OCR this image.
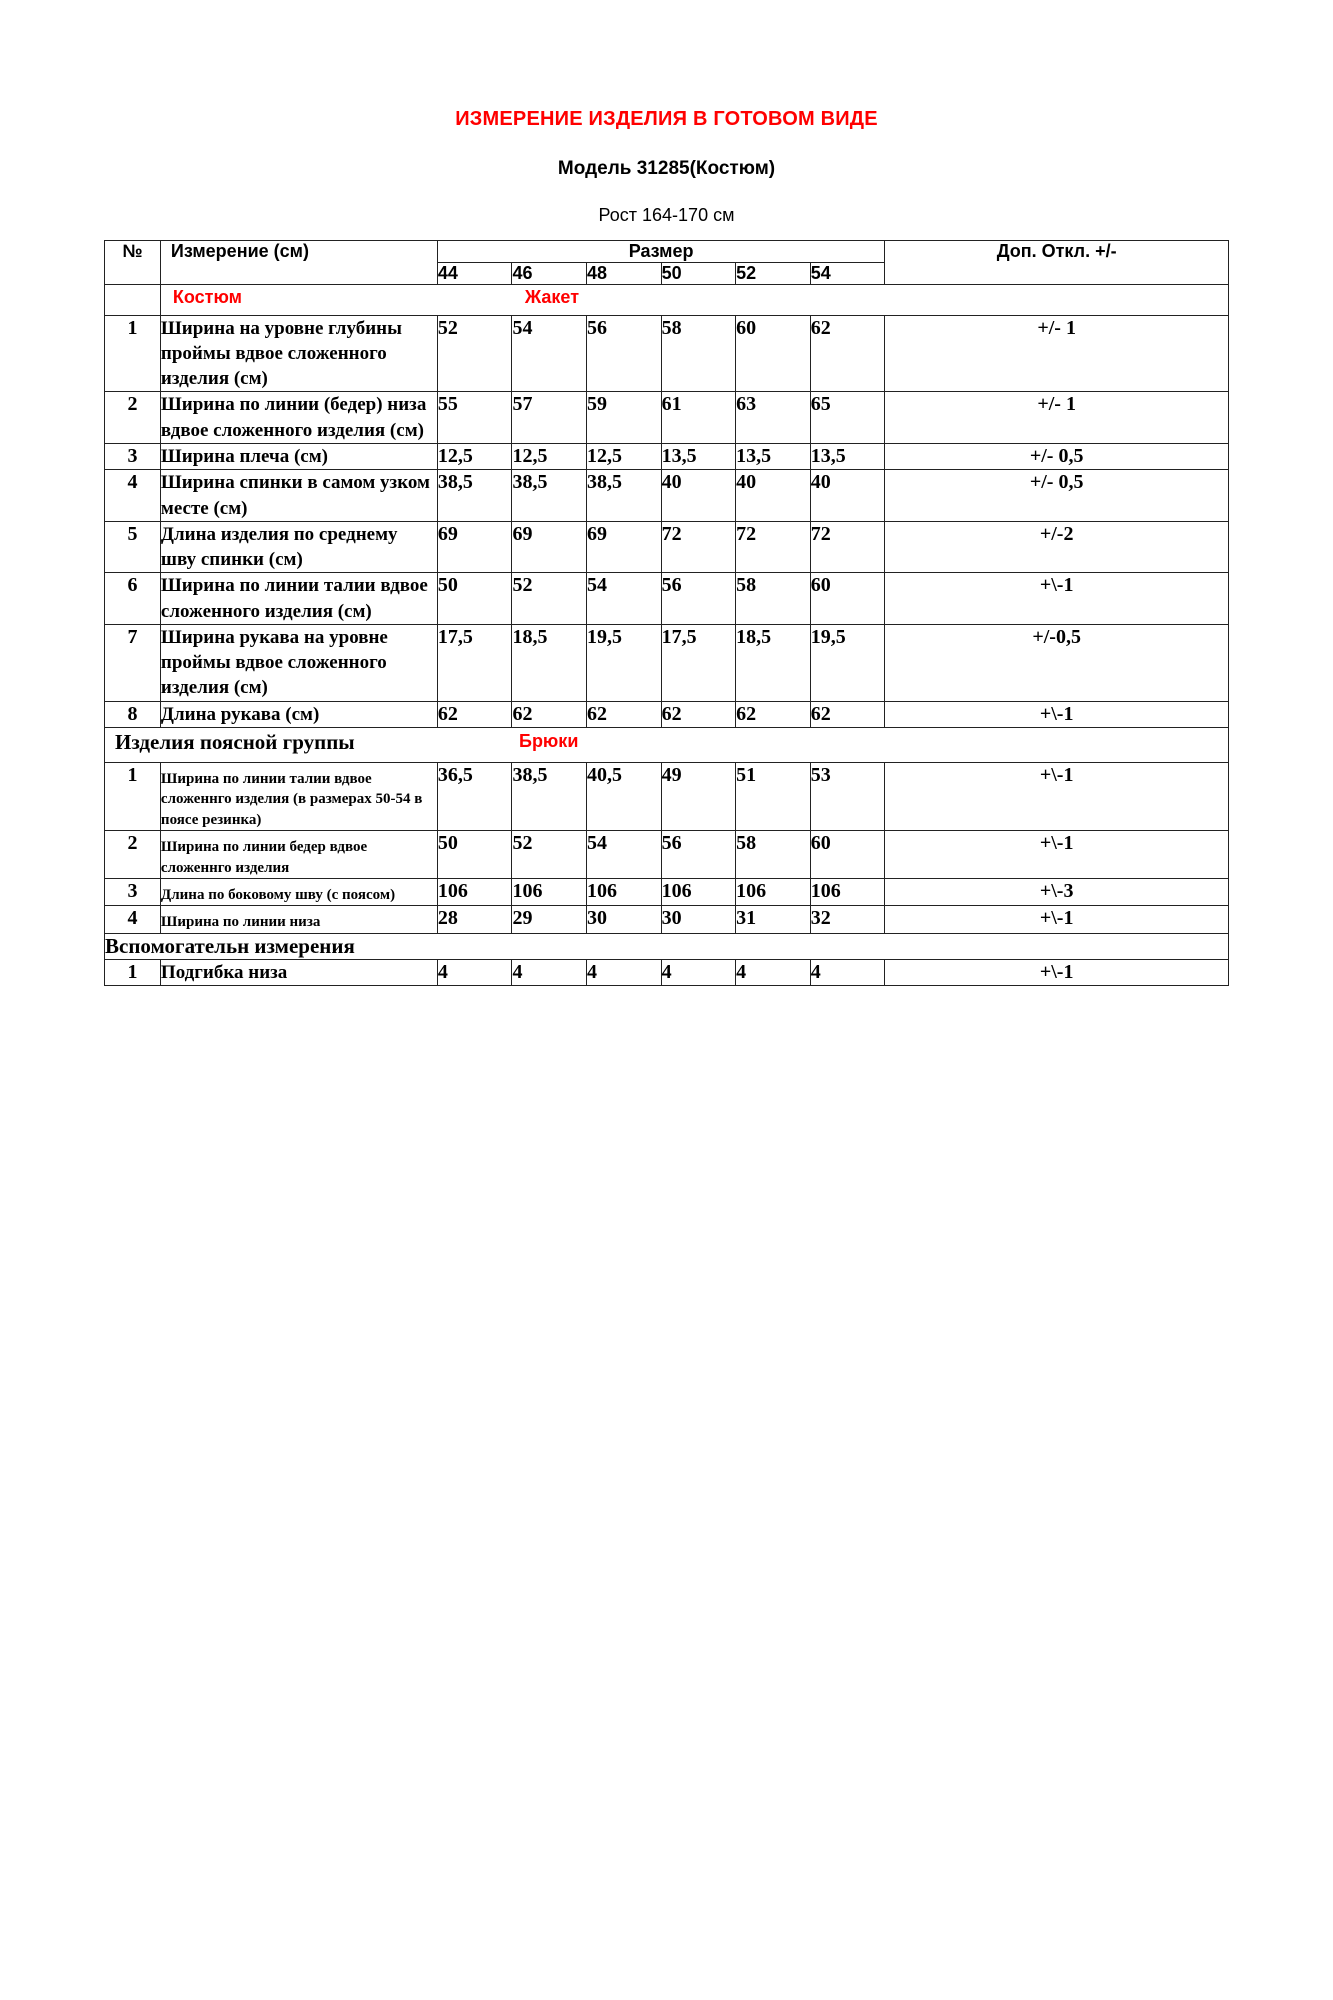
ИЗМЕРЕНИЕ ИЗДЕЛИЯ В ГОТОВОМ ВИДЕ
Модель 31285(Костюм)
Рост 164-170 см
№	Измерение (см)	Размер						Доп. Откл. +/-
		44	46	48	50	52	54	

	Костюм Жакет							

1	Ширина на уровне глубины проймы вдвое сложенного изделия (см)	52	54	56	58	60	62	+/- 1
2	Ширина по линии (бедер) низа вдвое сложенного изделия (см)	55	57	59	61	63	65	+/- 1
3	Ширина плеча (см)	12,5	12,5	12,5	13,5	13,5	13,5	+/- 0,5
4	Ширина спинки в самом узком месте (см)	38,5	38,5	38,5	40	40	40	+/- 0,5
5	Длина изделия по среднему шву спинки (см)	69	69	69	72	72	72	+/-2
6	Ширина по линии талии вдвое сложенного изделия (см)	50	52	54	56	58	60	+\-1
7	Ширина рукава на уровне проймы вдвое сложенного изделия (см)	17,5	18,5	19,5	17,5	18,5	19,5	+/-0,5
8	Длина рукава (см)	62	62	62	62	62	62	+\-1

Изделия поясной группы Брюки								

1	Ширина по линии талии вдвое сложеннго изделия (в размерах 50-54 в поясе резинка)	36,5	38,5	40,5	49	51	53	+\-1
2	Ширина по линии бедер вдвое сложеннго изделия	50	52	54	56	58	60	+\-1
3	Длина по боковому шву (с поясом)	106	106	106	106	106	106	+\-3
4	Ширина по линии низа	28	29	30	30	31	32	+\-1
Вспомогательн измерения								
1	Подгибка низа	4	4	4	4	4	4	+\-1
